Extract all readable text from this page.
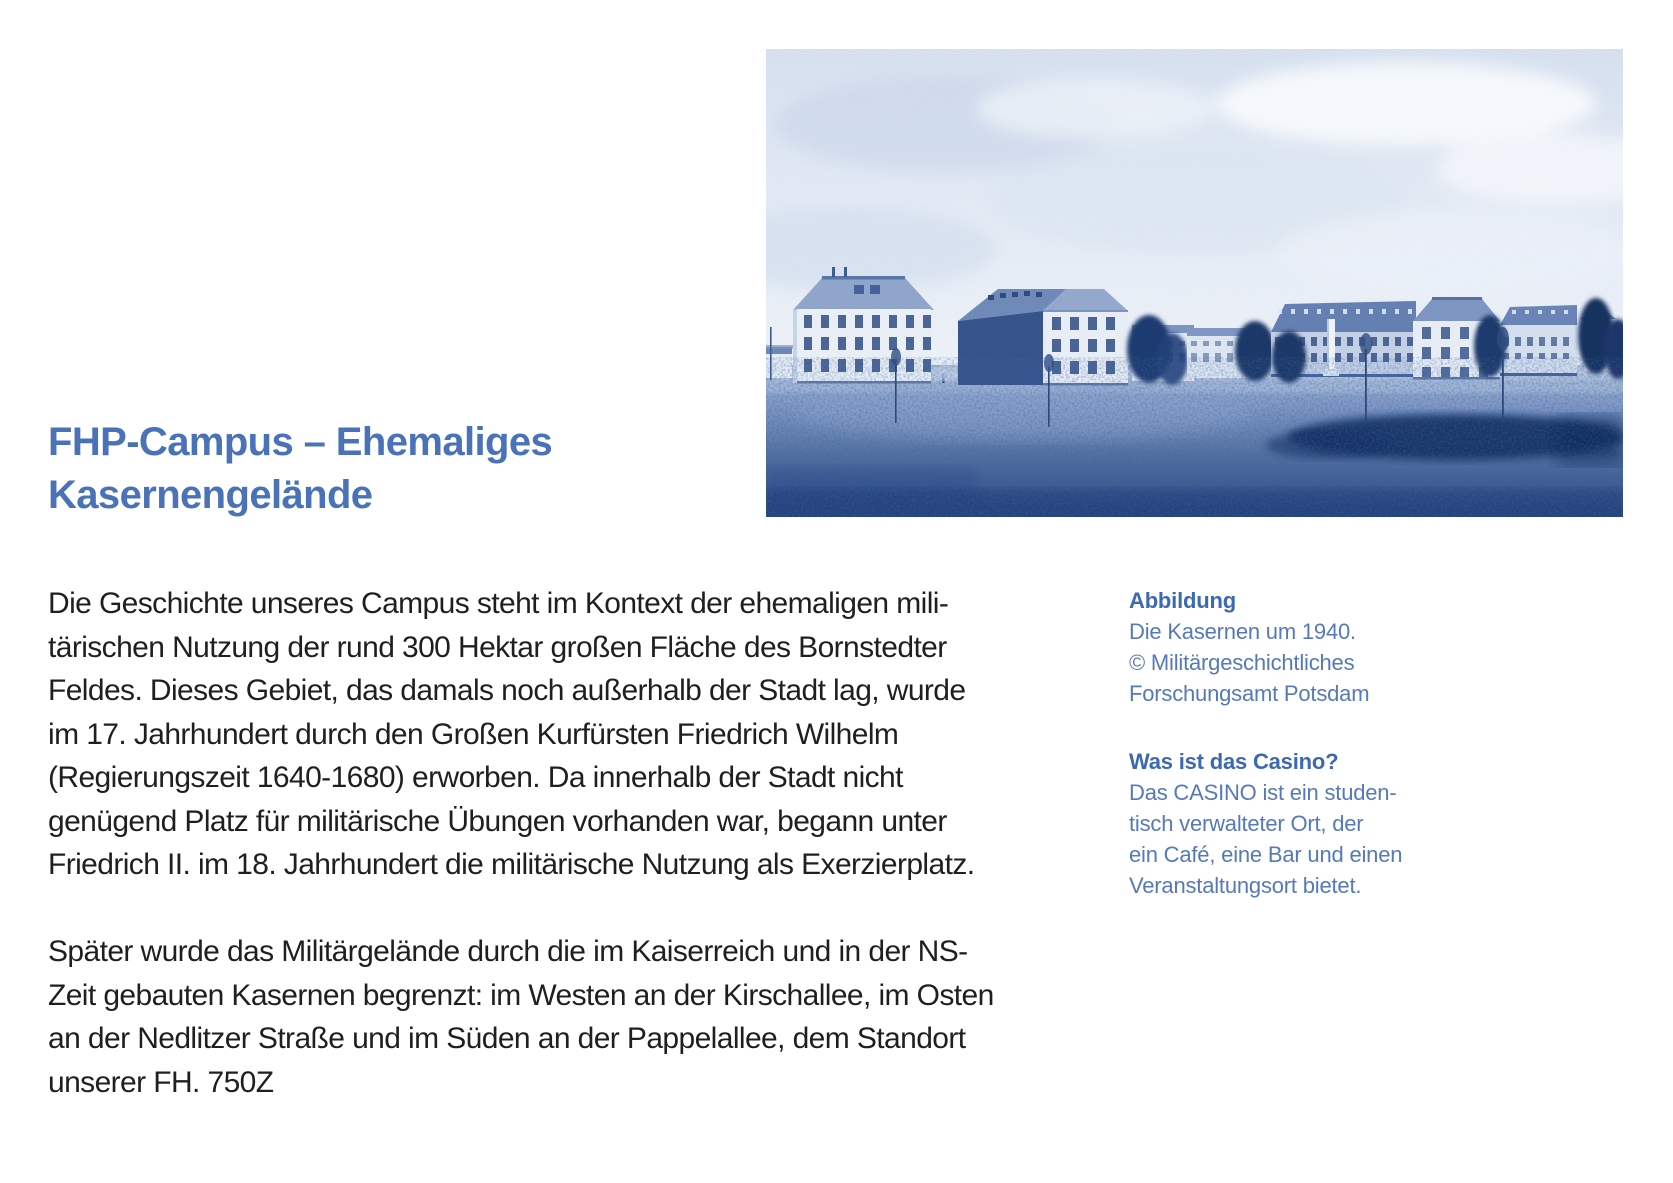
FHP-Campus – Ehemaliges
Kasernengelände

Die Geschichte unseres Campus steht im Kontext der ehemaligen mili-
tärischen Nutzung der rund 300 Hektar großen Fläche des Bornstedter
Feldes. Dieses Gebiet, das damals noch außerhalb der Stadt lag, wurde
im 17. Jahrhundert durch den Großen Kurfürsten Friedrich Wilhelm
(Regierungszeit 1640-1680) erworben. Da innerhalb der Stadt nicht
genügend Platz für militärische Übungen vorhanden war, begann unter
Friedrich II. im 18. Jahrhundert die militärische Nutzung als Exerzierplatz.

Später wurde das Militärgelände durch die im Kaiserreich und in der NS-
Zeit gebauten Kasernen begrenzt: im Westen an der Kirschallee, im Osten
an der Nedlitzer Straße und im Süden an der Pappelallee, dem Standort
unserer FH. 750Z

Abbildung
Die Kasernen um 1940.
© Militärgeschichtliches
Forschungsamt Potsdam
Was ist das Casino?
Das CASINO ist ein studen-
tisch verwalteter Ort, der
ein Café, eine Bar und einen
Veranstaltungsort bietet.
